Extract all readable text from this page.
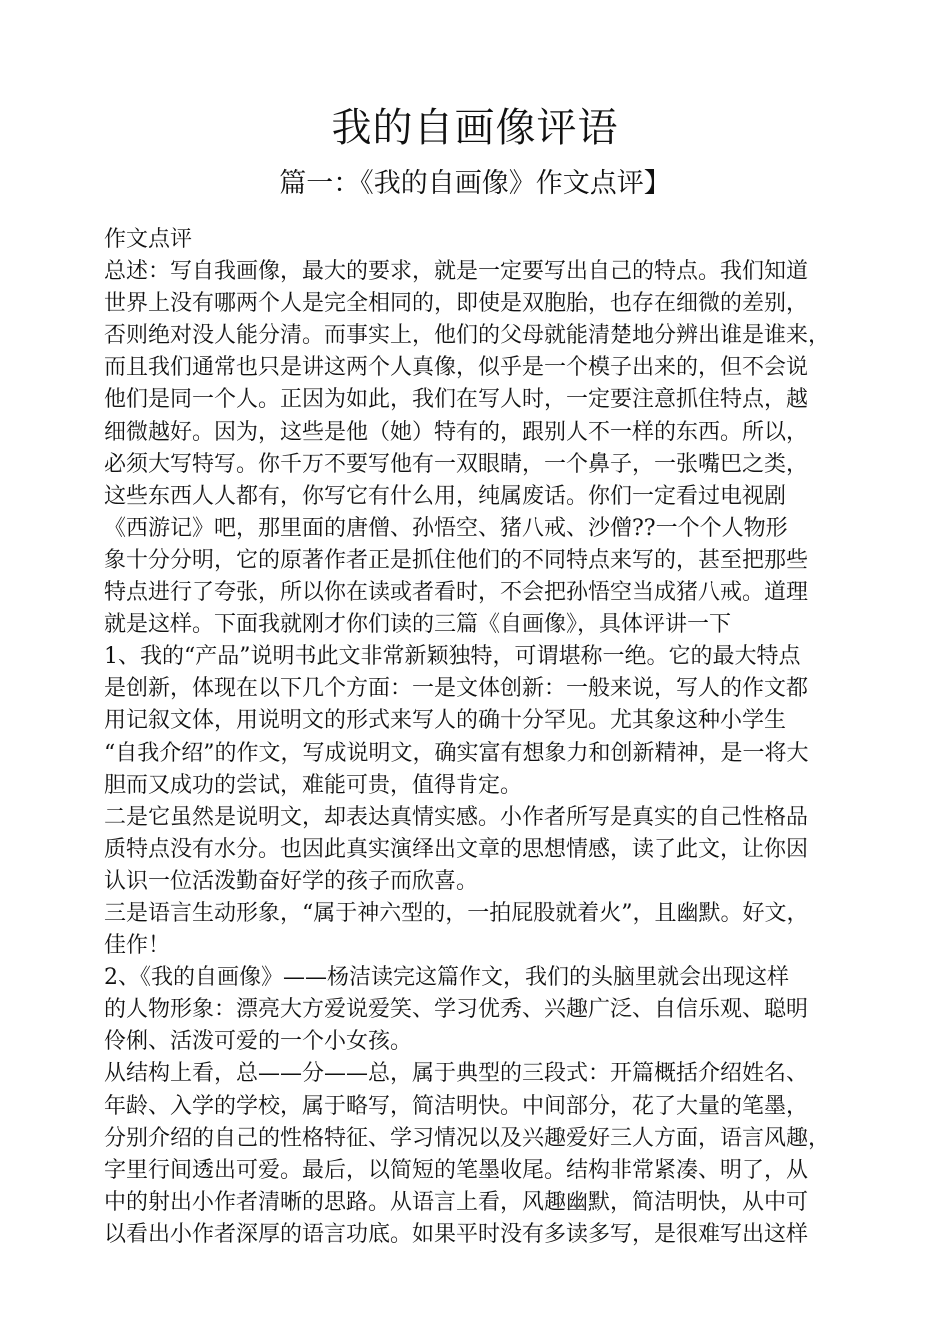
我的自画像评语
篇一：《我的自画像》作文点评】
作文点评
总述：写自我画像，最大的要求，就是一定要写出自己的特点。我们知道
世界上没有哪两个人是完全相同的，即使是双胞胎，也存在细微的差别，
否则绝对没人能分清。而事实上，他们的父母就能清楚地分辨出谁是谁来，
而且我们通常也只是讲这两个人真像，似乎是一个模子出来的，但不会说
他们是同一个人。正因为如此，我们在写人时，一定要注意抓住特点，越
细微越好。因为，这些是他（她）特有的，跟别人不一样的东西。所以，
必须大写特写。你千万不要写他有一双眼睛，一个鼻子，一张嘴巴之类，
这些东西人人都有，你写它有什么用，纯属废话。你们一定看过电视剧
《西游记》吧，那里面的唐僧、孙悟空、猪八戒、沙僧??一个个人物形
象十分分明，它的原著作者正是抓住他们的不同特点来写的，甚至把那些
特点进行了夸张，所以你在读或者看时，不会把孙悟空当成猪八戒。道理
就是这样。下面我就刚才你们读的三篇《自画像》，具体评讲一下
1、我的“产品”说明书此文非常新颖独特，可谓堪称一绝。它的最大特点
是创新，体现在以下几个方面：一是文体创新：一般来说，写人的作文都
用记叙文体，用说明文的形式来写人的确十分罕见。尤其象这种小学生
“自我介绍”的作文，写成说明文，确实富有想象力和创新精神，是一将大
胆而又成功的尝试，难能可贵，值得肯定。
二是它虽然是说明文，却表达真情实感。小作者所写是真实的自己性格品
质特点没有水分。也因此真实演绎出文章的思想情感，读了此文，让你因
认识一位活泼勤奋好学的孩子而欣喜。
三是语言生动形象，“属于神六型的，一拍屁股就着火”，且幽默。好文，
佳作！
2、《我的自画像》——杨洁读完这篇作文，我们的头脑里就会出现这样
的人物形象：漂亮大方爱说爱笑、学习优秀、兴趣广泛、自信乐观、聪明
伶俐、活泼可爱的一个小女孩。
从结构上看，总——分——总，属于典型的三段式：开篇概括介绍姓名、
年龄、入学的学校，属于略写，简洁明快。中间部分，花了大量的笔墨，
分别介绍的自己的性格特征、学习情况以及兴趣爱好三人方面，语言风趣，
字里行间透出可爱。最后，以简短的笔墨收尾。结构非常紧凑、明了，从
中的射出小作者清晰的思路。从语言上看，风趣幽默，简洁明快，从中可
以看出小作者深厚的语言功底。如果平时没有多读多写，是很难写出这样
